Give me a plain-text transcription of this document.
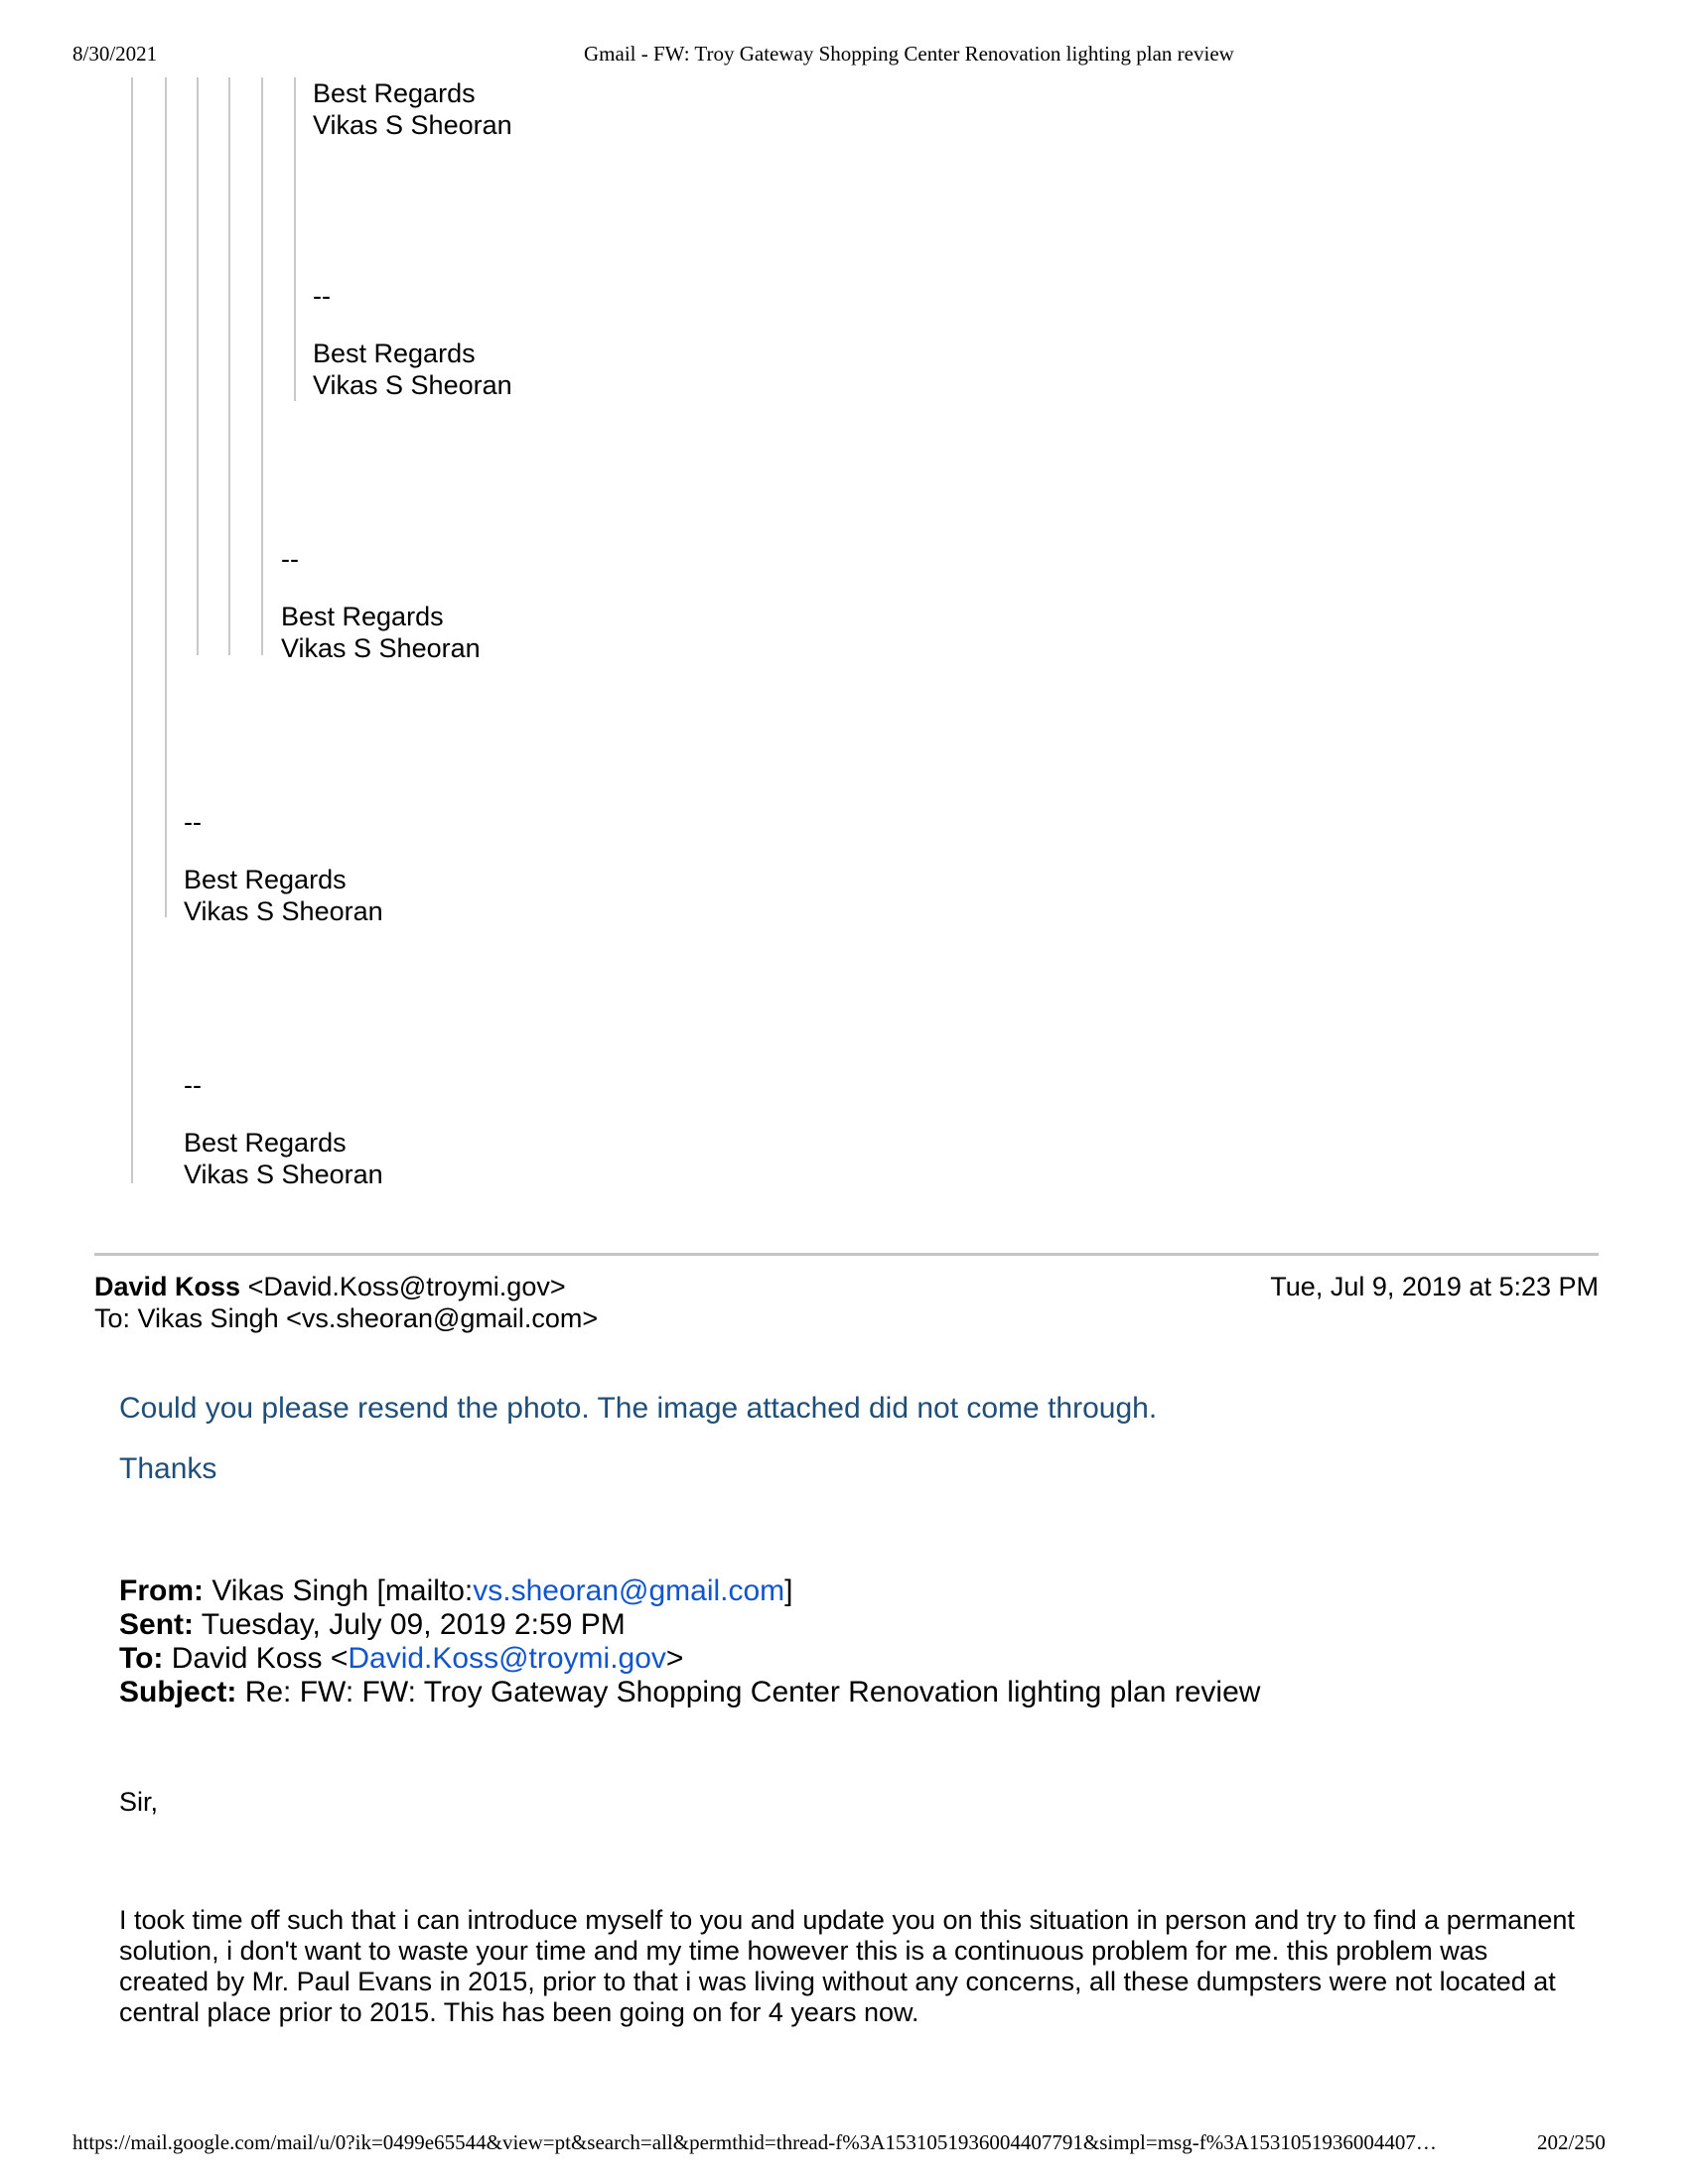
8/30/2021	Gmail - FW: Troy Gateway Shopping Center Renovation lighting plan review
Best Regards
Vikas S Sheoran
--
Best Regards
Vikas S Sheoran
--
Best Regards
Vikas S Sheoran
--
Best Regards
Vikas S Sheoran
--
Best Regards
Vikas S Sheoran
David Koss <David.Koss@troymi.gov>
To: Vikas Singh <vs.sheoran@gmail.com>
Tue, Jul 9, 2019 at 5:23 PM
Could you please resend the photo. The image attached did not come through.
Thanks
From: Vikas Singh [mailto:vs.sheoran@gmail.com]
Sent: Tuesday, July 09, 2019 2:59 PM
To: David Koss <David.Koss@troymi.gov>
Subject: Re: FW: FW: Troy Gateway Shopping Center Renovation lighting plan review
Sir,
I took time off such that i can introduce myself to you and update you on this situation in person and try to find a permanent solution, i don't want to waste your time and my time however this is a continuous problem for me. this problem was created by Mr. Paul Evans in 2015, prior to that i was living without any concerns, all these dumpsters were not located at central place prior to 2015. This has been going on for 4 years now.
https://mail.google.com/mail/u/0?ik=0499e65544&view=pt&search=all&permthid=thread-f%3A1531051936004407791&simpl=msg-f%3A1531051936004407…	202/250
